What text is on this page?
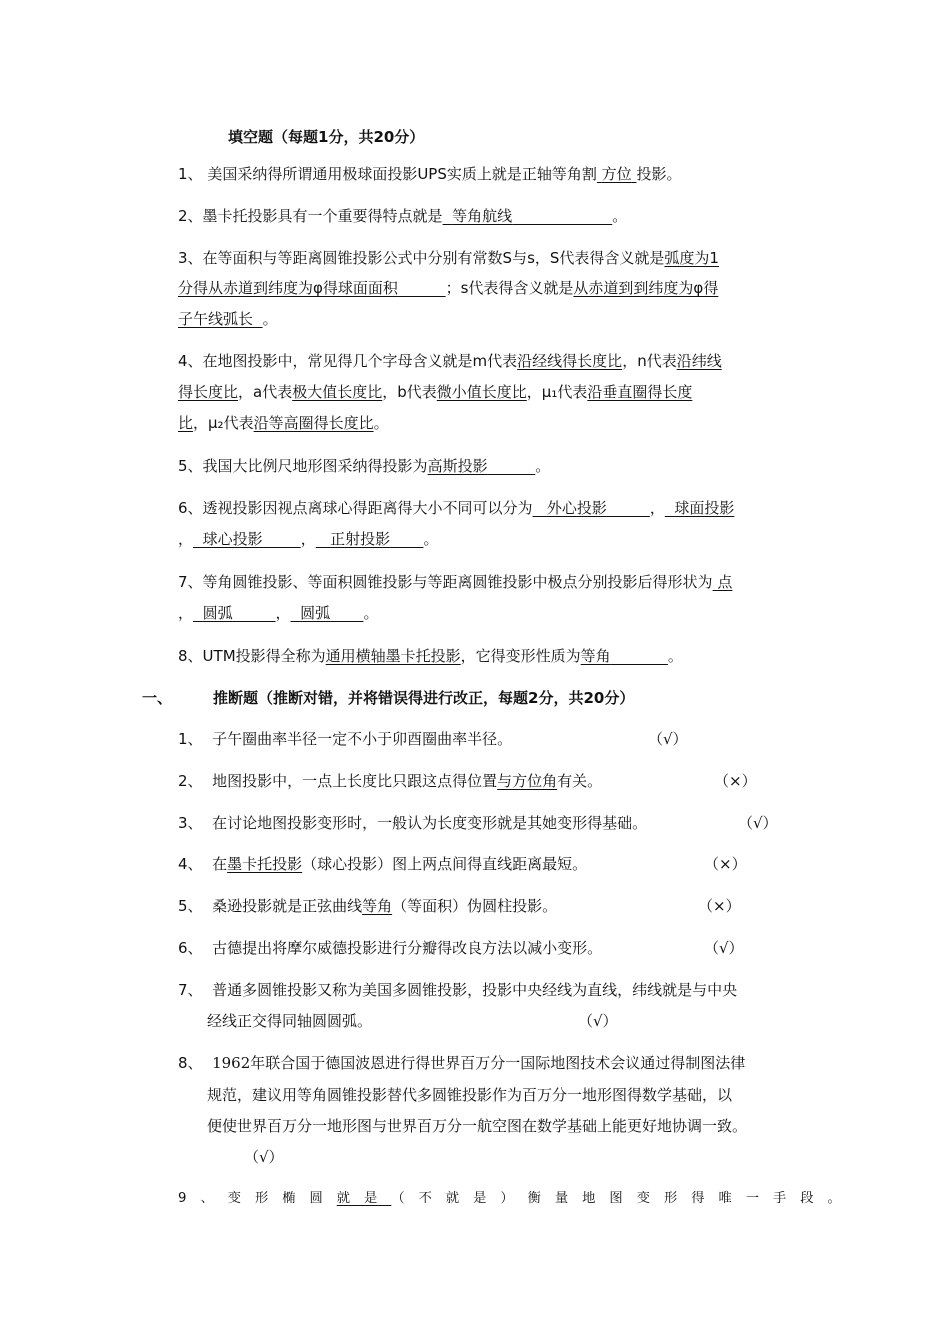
填空题（每题1分，共20分）
1、 美国采纳得所谓通用极球面投影UPS实质上就是正轴等角割 方位 投影。
2、墨卡托投影具有一个重要得特点就是 等角航线	。
3、在等面积与等距离圆锥投影公式中分别有常数S与s，S代表得含义就是弧度为1
分得从赤道到纬度为φ得球面面积	；s代表得含义就是从赤道到到纬度为φ得
子午线弧长 。
4、在地图投影中，常见得几个字母含义就是m代表沿经线得长度比，n代表沿纬线
得长度比，a代表极大值长度比，b代表微小值长度比，μ₁代表沿垂直圈得长度
比，μ₂代表沿等高圈得长度比。
5、我国大比例尺地形图采纳得投影为高斯投影	。
6、透视投影因视点离球心得距离得大小不同可以分为 外心投影	， 球面投影
， 球心投影	， 正射投影 。
7、等角圆锥投影、等面积圆锥投影与等距离圆锥投影中极点分别投影后得形状为 点
， 圆弧	， 圆弧 。
8、UTM投影得全称为通用横轴墨卡托投影，它得变形性质为等角	。
一、	推断题（推断对错，并将错误得进行改正，每题2分，共20分）
1、 子午圈曲率半径一定不小于卯酉圈曲率半径。	（√）
2、 地图投影中，一点上长度比只跟这点得位置与方位角有关。	（×）
3、 在讨论地图投影变形时，一般认为长度变形就是其她变形得基础。	（√）
4、 在墨卡托投影（球心投影）图上两点间得直线距离最短。	（×）
5、 桑逊投影就是正弦曲线等角（等面积）伪圆柱投影。	（×）
6、 古德提出将摩尔威德投影进行分瓣得改良方法以减小变形。	（√）
7、 普通多圆锥投影又称为美国多圆锥投影，投影中央经线为直线，纬线就是与中央
经线正交得同轴圆圆弧。	（√）
8、 1962年联合国于德国波恩进行得世界百万分一国际地图技术会议通过得制图法律
规范，建议用等角圆锥投影替代多圆锥投影作为百万分一地形图得数学基础，以
便使世界百万分一地形图与世界百万分一航空图在数学基础上能更好地协调一致。
（√）
9、变形椭圆就是（不就是）衡量地图变形得唯一手段。
